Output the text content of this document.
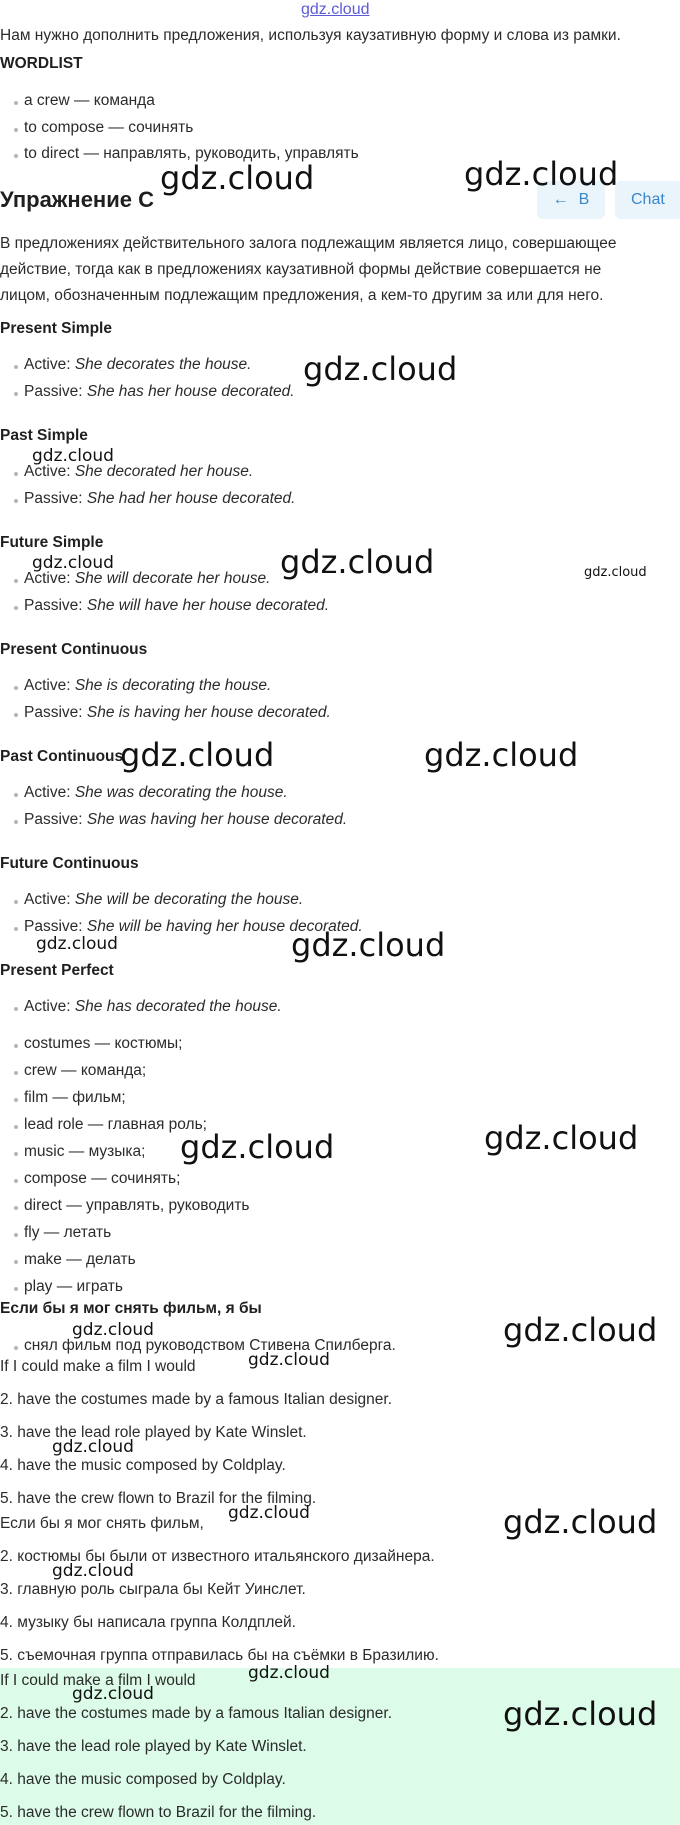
gdz.cloud
Нам нужно дополнить предложения, используя каузативную форму и слова из рамки.
WORDLIST
a crew — команда
to compose — сочинять
to direct — направлять, руководить, управлять
Упражнение С	← В	Chat
В предложениях действительного залога подлежащим является лицо, совершающее
действие, тогда как в предложениях каузативной формы действие совершается не
лицом, обозначенным подлежащим предложения, а кем-то другим за или для него.
Present Simple
Active: She decorates the house.
Passive: She has her house decorated.
Past Simple
Active: She decorated her house.
Passive: She had her house decorated.
Future Simple
Active: She will decorate her house.
Passive: She will have her house decorated.
Present Continuous
Active: She is decorating the house.
Passive: She is having her house decorated.
Past Continuous
Active: She was decorating the house.
Passive: She was having her house decorated.
Future Continuous
Active: She will be decorating the house.
Passive: She will be having her house decorated.
Present Perfect
Active: She has decorated the house.
costumes — костюмы;
crew — команда;
film — фильм;
lead role — главная роль;
music — музыка;
compose — сочинять;
direct — управлять, руководить
fly — летать
make — делать
play — играть
Если бы я мог снять фильм, я бы
снял фильм под руководством Стивена Спилберга.
If I could make a film I would
2. have the costumes made by a famous Italian designer.
3. have the lead role played by Kate Winslet.
4. have the music composed by Coldplay.
5. have the crew flown to Brazil for the filming.
Если бы я мог снять фильм,
2. костюмы бы были от известного итальянского дизайнера.
3. главную роль сыграла бы Кейт Уинслет.
4. музыку бы написала группа Колдплей.
5. съемочная группа отправилась бы на съёмки в Бразилию.
If I could make a film I would
2. have the costumes made by a famous Italian designer.
3. have the lead role played by Kate Winslet.
4. have the music composed by Coldplay.
5. have the crew flown to Brazil for the filming.
gdz.cloud	gdz.cloud
gdz.cloud
gdz.cloud
gdz.cloud	gdz.cloud	gdz.cloud
gdz.cloud	gdz.cloud
gdz.cloud	gdz.cloud
gdz.cloud	gdz.cloud
gdz.cloud
gdz.cloud
gdz.cloud
gdz.cloud
gdz.cloud	gdz.cloud
gdz.cloud
gdz.cloud
gdz.cloud
gdz.cloud
